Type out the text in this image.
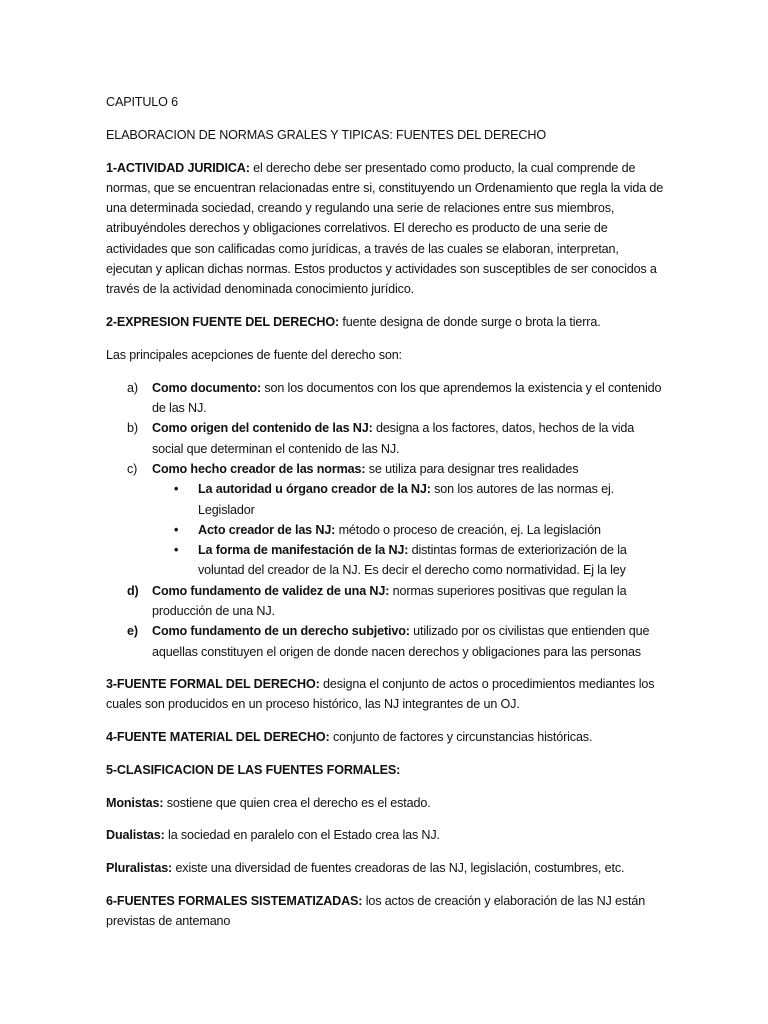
CAPITULO 6

ELABORACION DE NORMAS GRALES Y TIPICAS: FUENTES DEL DERECHO

1-ACTIVIDAD JURIDICA: el derecho debe ser presentado como producto, la cual comprende de normas, que se encuentran relacionadas entre si, constituyendo un Ordenamiento que regla la vida de una determinada sociedad, creando y regulando una serie de relaciones entre sus miembros, atribuyéndoles derechos y obligaciones correlativos. El derecho es producto de una serie de actividades que son calificadas como jurídicas, a través de las cuales se elaboran, interpretan, ejecutan y aplican dichas normas. Estos productos y actividades son susceptibles de ser conocidos a través de la actividad denominada conocimiento jurídico.

2-EXPRESION FUENTE DEL DERECHO: fuente designa de donde surge o brota la tierra.

Las principales acepciones de fuente del derecho son:

a) Como documento: son los documentos con los que aprendemos la existencia y el contenido de las NJ.
b) Como origen del contenido de las NJ: designa a los factores, datos, hechos de la vida social que determinan el contenido de las NJ.
c) Como hecho creador de las normas: se utiliza para designar tres realidades
• La autoridad u órgano creador de la NJ: son los autores de las normas ej. Legislador
• Acto creador de las NJ: método o proceso de creación, ej. La legislación
• La forma de manifestación de la NJ: distintas formas de exteriorización de la voluntad del creador de la NJ. Es decir el derecho como normatividad. Ej la ley
d) Como fundamento de validez de una NJ: normas superiores positivas que regulan la producción de una NJ.
e) Como fundamento de un derecho subjetivo: utilizado por os civilistas que entienden que aquellas constituyen el origen de donde nacen derechos y obligaciones para las personas

3-FUENTE FORMAL DEL DERECHO: designa el conjunto de actos o procedimientos mediantes los cuales son producidos en un proceso histórico, las NJ integrantes de un OJ.

4-FUENTE MATERIAL DEL DERECHO: conjunto de factores y circunstancias históricas.

5-CLASIFICACION DE LAS FUENTES FORMALES:

Monistas: sostiene que quien crea el derecho es el estado.

Dualistas: la sociedad en paralelo con el Estado crea las NJ.

Pluralistas: existe una diversidad de fuentes creadoras de las NJ, legislación, costumbres, etc.

6-FUENTES FORMALES SISTEMATIZADAS: los actos de creación y elaboración de las NJ están previstas de antemano
